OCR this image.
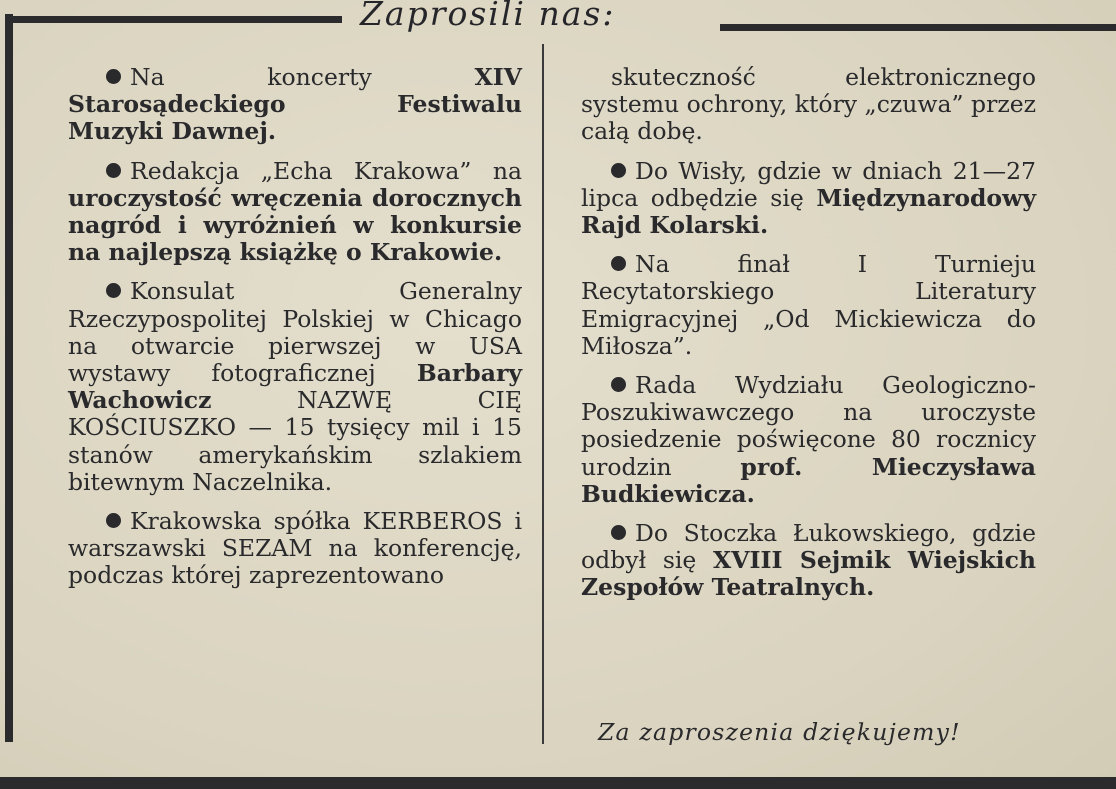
Zaprosili nas:

Na koncerty XIV Starosądeckiego Festiwalu Muzyki Dawnej.

Redakcja „Echa Krakowa” na uroczystość wręczenia dorocznych nagród i wyróżnień w konkursie na najlepszą książkę o Krakowie.

Konsulat Generalny Rzeczypospolitej Polskiej w Chicago na otwarcie pierwszej w USA wystawy fotograficznej Barbary Wachowicz NAZWĘ CIĘ KOŚCIUSZKO — 15 tysięcy mil i 15 stanów amerykańskim szlakiem bitewnym Naczelnika.

Krakowska spółka KERBEROS i warszawski SEZAM na konferencję, podczas której zaprezentowano

skuteczność elektronicznego systemu ochrony, który „czuwa” przez całą dobę.

Do Wisły, gdzie w dniach 21—27 lipca odbędzie się Międzynarodowy Rajd Kolarski.

Na finał I Turnieju Recytatorskiego Literatury Emigracyjnej „Od Mickiewicza do Miłosza”.

Rada Wydziału Geologiczno-Poszukiwawczego na uroczyste posiedzenie poświęcone 80 rocznicy urodzin prof. Mieczysława Budkiewicza.

Do Stoczka Łukowskiego, gdzie odbył się XVIII Sejmik Wiejskich Zespołów Teatralnych.

Za zaproszenia dziękujemy!
